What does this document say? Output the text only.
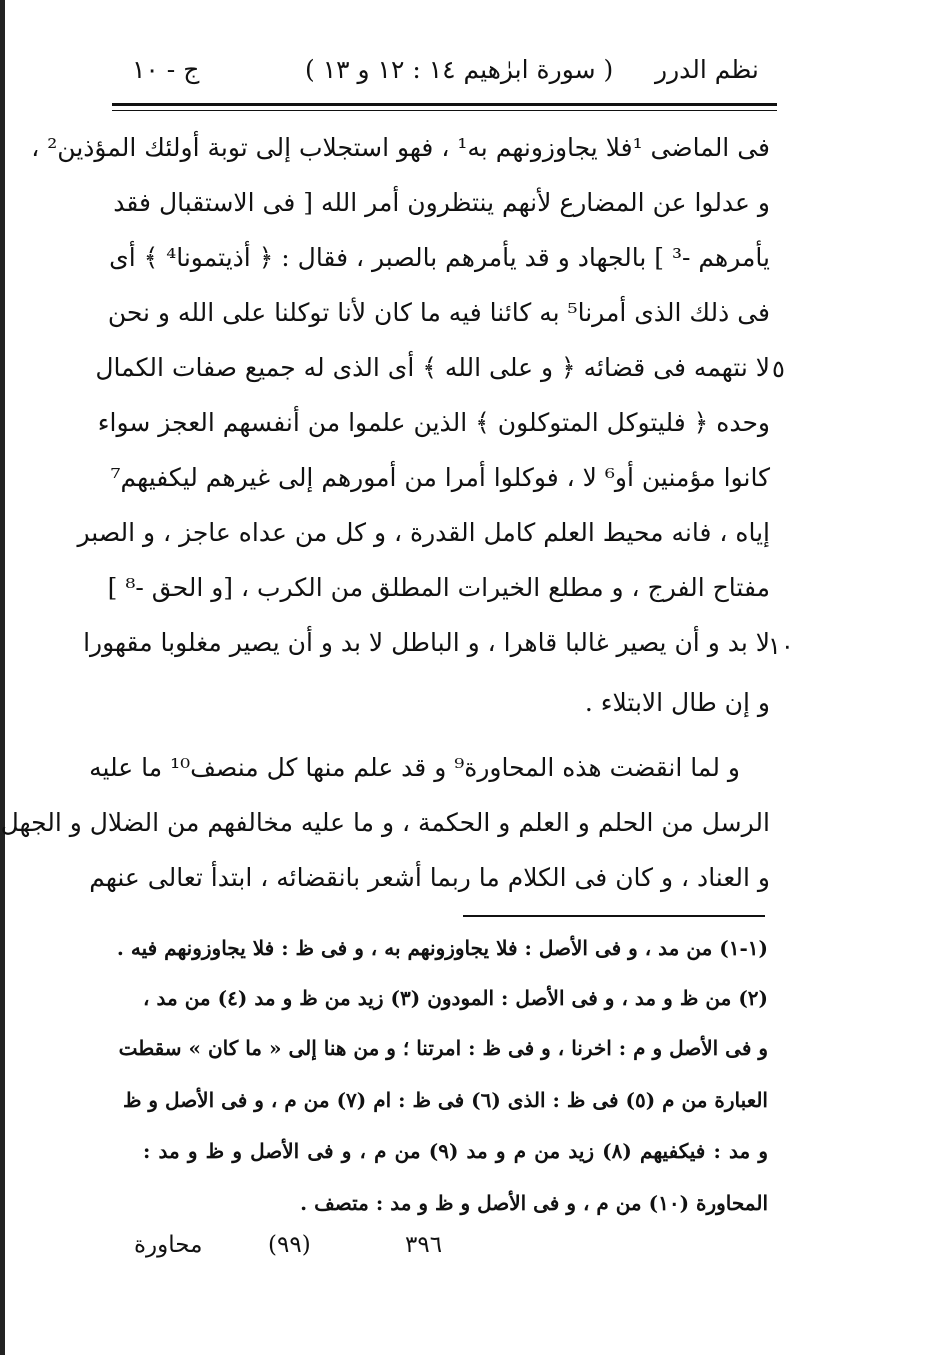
نظم الدرر
( سورة ابرٰهيم ١٤ : ١٢ و ١٣ )
ج - ١٠
فى الماضى ¹فلا يجاوزونهم به¹ ، فهو استجلاب إلى توبة أولئك المؤذين² ،
و عدلوا عن المضارع لأنهم ينتظرون أمر الله [ فى الاستقبال فقد
يأمرهم -³ ] بالجهاد و قد يأمرهم بالصبر ، فقال : ﴿ أذيتمونا⁴ ﴾ أى
فى ذلك الذى أمرنا⁵ به كائنا فيه ما كان لأنا توكلنا على الله و نحن
لا نتهمه فى قضائه ﴿ و على الله ﴾ أى الذى له جميع صفات الكمال
وحده ﴿ فليتوكل المتوكلون ﴾ الذين علموا من أنفسهم العجز سواء
كانوا مؤمنين أو⁶ لا ، فوكلوا أمرا من أمورهم إلى غيرهم ليكفيهم⁷
إياه ، فانه محيط العلم كامل القدرة ، و كل من عداه عاجز ، و الصبر
مفتاح الفرج ، و مطلع الخيرات المطلق من الكرب ، [و الحق -⁸ ]
لا بد و أن يصير غالبا قاهرا ، و الباطل لا بد و أن يصير مغلوبا مقهورا
و إن طال الابتلاء .
و لما انقضت هذه المحاورة⁹ و قد علم منها كل منصف¹⁰ ما عليه
الرسل من الحلم و العلم و الحكمة ، و ما عليه مخالفهم من الضلال و الجهل
و العناد ، و كان فى الكلام ما ربما أشعر بانقضائه ، ابتدأ تعالى عنهم
٥
١٠
(١-١) من مد ، و فى الأصل : فلا يجاوزونهم به ، و فى ظ : فلا يجاوزونهم فيه .
(٢) من ظ و مد ، و فى الأصل : المودون (٣) زيد من ظ و مد (٤) من مد ،
و فى الأصل و م : اخرنا ، و فى ظ : امرتنا ؛ و من هنا إلى « ما كان » سقطت
العبارة من م (٥) فى ظ : الذى (٦) فى ظ : ام (٧) من م ، و فى الأصل و ظ
و مد : فيكفيهم (٨) زيد من م و مد (٩) من م ، و فى الأصل و ظ و مد :
المحاورة (١٠) من م ، و فى الأصل و ظ و مد : متصف .
محاورة	(٩٩)	٣٩٦
